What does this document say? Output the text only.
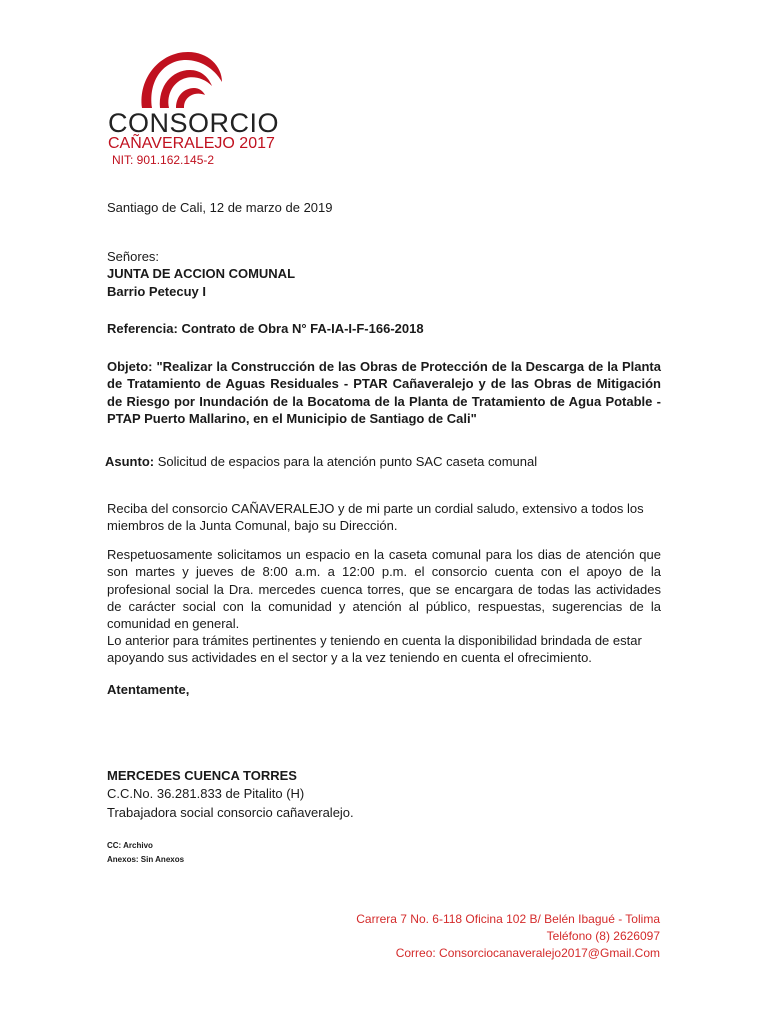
CONSORCIO
CAÑAVERALEJO 2017
NIT: 901.162.145-2
Santiago de Cali, 12 de marzo de 2019
Señores:
JUNTA DE ACCION COMUNAL
Barrio Petecuy I
Referencia: Contrato de Obra N° FA-IA-I-F-166-2018
Objeto: "Realizar la Construcción de las Obras de Protección de la Descarga de la Planta de Tratamiento de Aguas Residuales - PTAR Cañaveralejo y de las Obras de Mitigación de Riesgo por Inundación de la Bocatoma de la Planta de Tratamiento de Agua Potable - PTAP Puerto Mallarino, en el Municipio de Santiago de Cali"
Asunto: Solicitud de espacios para la atención punto SAC caseta comunal
Reciba del consorcio CAÑAVERALEJO y de mi parte un cordial saludo, extensivo a todos los miembros de la Junta Comunal, bajo su Dirección.
Respetuosamente solicitamos un espacio en la caseta comunal para los dias de atención que son martes y jueves de 8:00 a.m. a 12:00 p.m. el consorcio cuenta con el apoyo de la profesional social la Dra. mercedes cuenca torres, que se encargara de todas las actividades de carácter social con la comunidad y atención al público, respuestas, sugerencias de la comunidad en general.
Lo anterior para trámites pertinentes y teniendo en cuenta la disponibilidad brindada de estar apoyando sus actividades en el sector y a la vez teniendo en cuenta el ofrecimiento.
Atentamente,
MERCEDES CUENCA TORRES
C.C.No. 36.281.833 de Pitalito (H)
Trabajadora social consorcio cañaveralejo.
CC: Archivo
Anexos: Sin Anexos
Carrera 7 No. 6-118 Oficina 102 B/ Belén Ibagué - Tolima
Teléfono (8) 2626097
Correo: Consorciocanaveralejo2017@Gmail.Com
